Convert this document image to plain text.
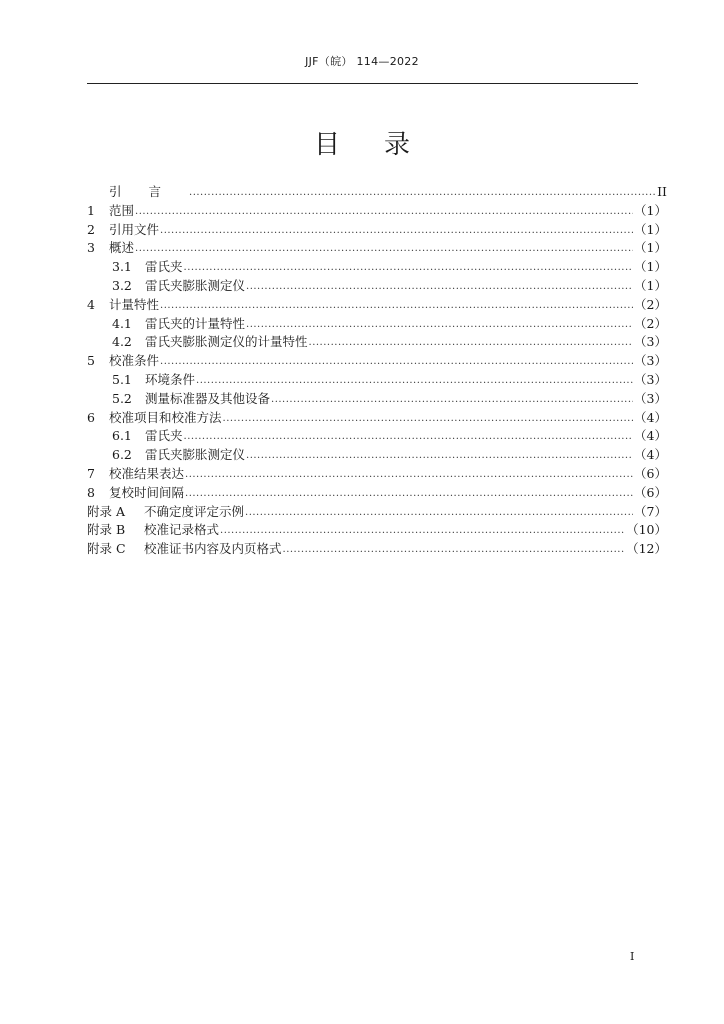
JJF（皖） 114—2022
目录
引言 .....	II
1	范围 .....	（1）
2	引用文件 .....	（1）
3	概述 .....	（1）
3.1	雷氏夹 .....	（1）
3.2	雷氏夹膨胀测定仪 .....	（1）
4	计量特性 .....	（2）
4.1	雷氏夹的计量特性 .....	（2）
4.2	雷氏夹膨胀测定仪的计量特性 .....	（3）
5	校准条件 .....	（3）
5.1	环境条件 .....	（3）
5.2	测量标准器及其他设备 .....	（3）
6	校准项目和校准方法 .....	（4）
6.1	雷氏夹 .....	（4）
6.2	雷氏夹膨胀测定仪 .....	（4）
7	校准结果表达 .....	（6）
8	复校时间间隔 .....	（6）
附录 A	不确定度评定示例 .....	（7）
附录 B	校准记录格式 .....	（10）
附录 C	校准证书内容及内页格式 .....	（12）
I
